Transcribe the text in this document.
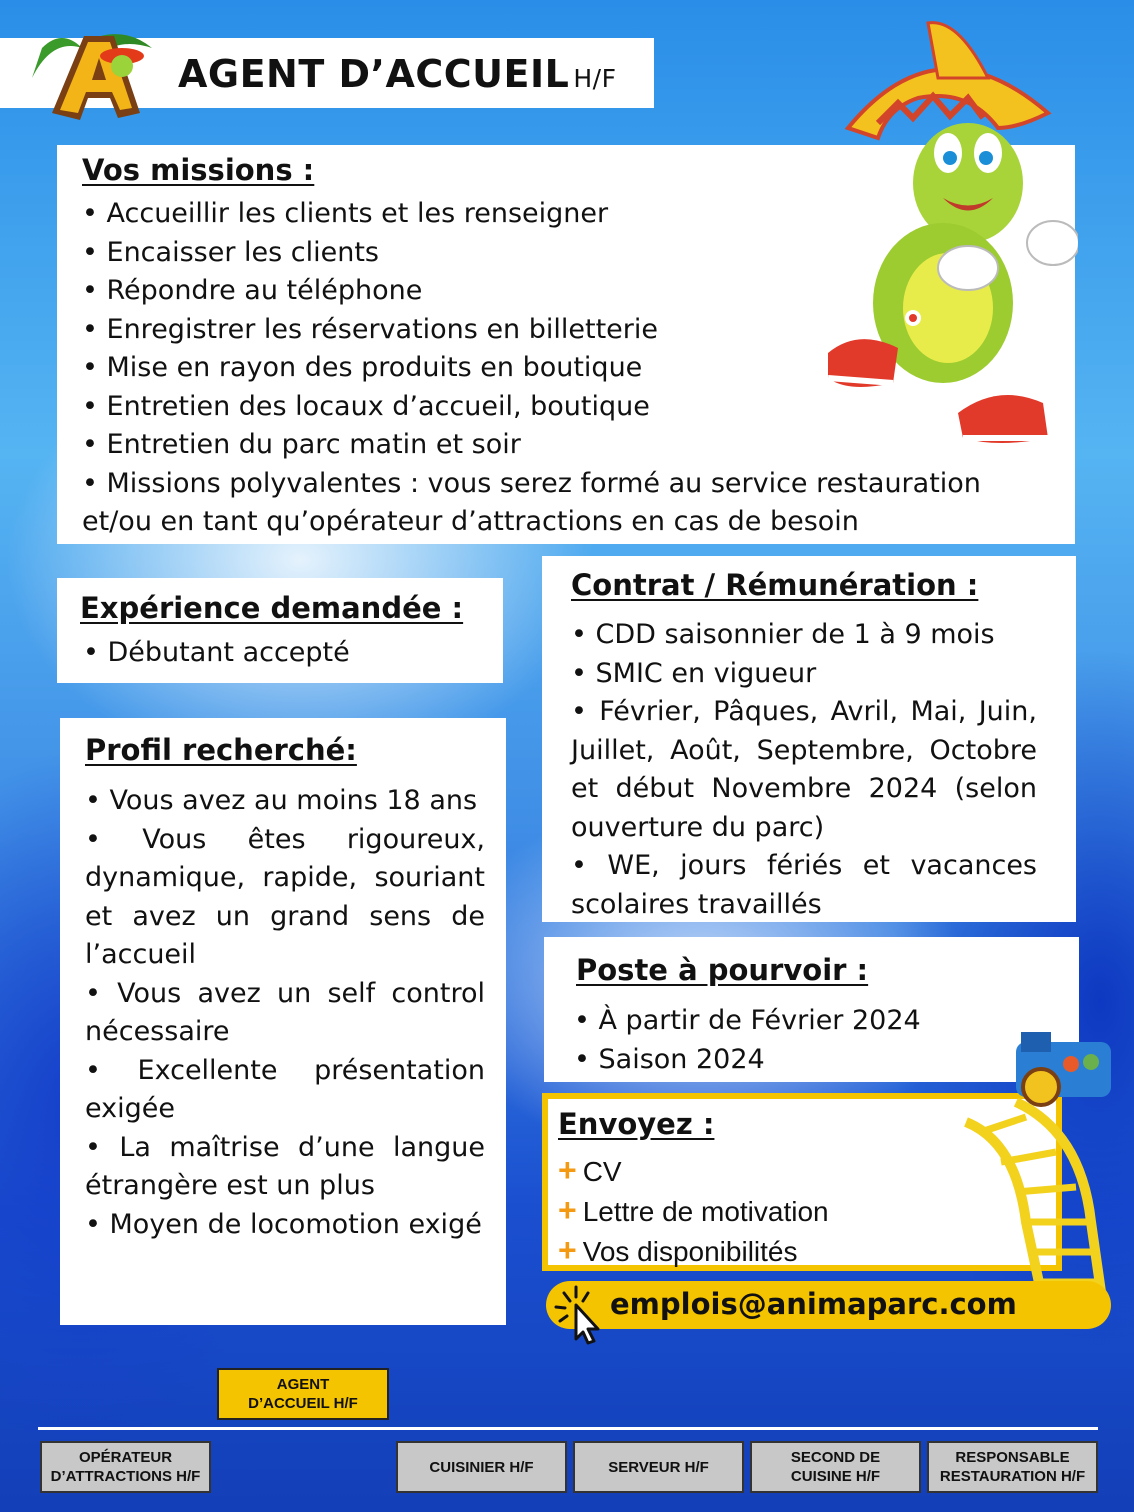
AGENT D’ACCUEIL H/F
Vos missions :
• Accueillir les clients et les renseigner
• Encaisser les clients
• Répondre au téléphone
• Enregistrer les réservations en billetterie
• Mise en rayon des produits en boutique
• Entretien des locaux d’accueil, boutique
• Entretien du parc matin et soir
• Missions polyvalentes : vous serez formé au service restauration
et/ou en tant qu’opérateur d’attractions en cas de besoin
Expérience demandée :
• Débutant accepté
Profil recherché:
• Vous avez au moins 18 ans
• Vous êtes rigoureux, dynamique, rapide, souriant et avez un grand sens de l’accueil
• Vous avez un self control nécessaire
• Excellente présentation exigée
• La maîtrise d’une langue étrangère est un plus
• Moyen de locomotion exigé
Contrat / Rémunération :
• CDD saisonnier de 1 à 9 mois
• SMIC en vigueur
• Février, Pâques, Avril, Mai, Juin, Juillet, Août, Septembre, Octobre et début Novembre 2024 (selon ouverture du parc)
• WE, jours fériés et vacances scolaires travaillés
Poste à pourvoir :
• À partir de Février 2024
• Saison 2024
Envoyez :
+ CV
+ Lettre de motivation
+ Vos disponibilités
emplois@animaparc.com
AGENT
D’ACCUEIL H/F
OPÉRATEUR
D’ATTRACTIONS H/F
CUISINIER H/F	SERVEUR H/F
SECOND DE
CUISINE H/F
RESPONSABLE
RESTAURATION H/F
